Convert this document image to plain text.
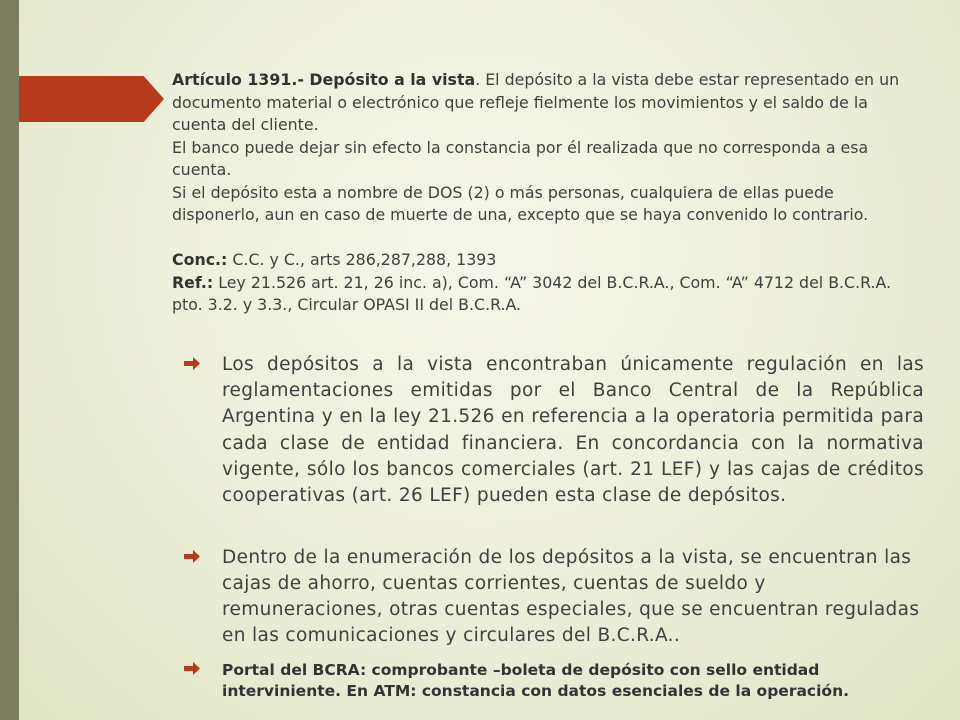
Artículo 1391.- Depósito a la vista. El depósito a la vista debe estar representado en un documento material o electrónico que refleje fielmente los movimientos y el saldo de la cuenta del cliente.

El banco puede dejar sin efecto la constancia por él realizada que no corresponda a esa cuenta.

Si el depósito esta a nombre de DOS (2) o más personas, cualquiera de ellas puede disponerlo, aun en caso de muerte de una, excepto que se haya convenido lo contrario.

Conc.: C.C. y C., arts 286,287,288, 1393

Ref.: Ley 21.526 art. 21, 26 inc. a), Com. “A” 3042 del B.C.R.A., Com. “A” 4712 del B.C.R.A. pto. 3.2. y 3.3., Circular OPASI II del B.C.R.A.

Los depósitos a la vista encontraban únicamente regulación en las reglamentaciones emitidas por el Banco Central de la República Argentina y en la ley 21.526 en referencia a la operatoria permitida para cada clase de entidad financiera. En concordancia con la normativa vigente, sólo los bancos comerciales (art. 21 LEF) y las cajas de créditos cooperativas (art. 26 LEF) pueden esta clase de depósitos.
Dentro de la enumeración de los depósitos a la vista, se encuentran las cajas de ahorro, cuentas corrientes, cuentas de sueldo y remuneraciones, otras cuentas especiales, que se encuentran reguladas en las comunicaciones y circulares del B.C.R.A..
Portal del BCRA: comprobante –boleta de depósito con sello entidad interviniente. En ATM: constancia con datos esenciales de la operación.
